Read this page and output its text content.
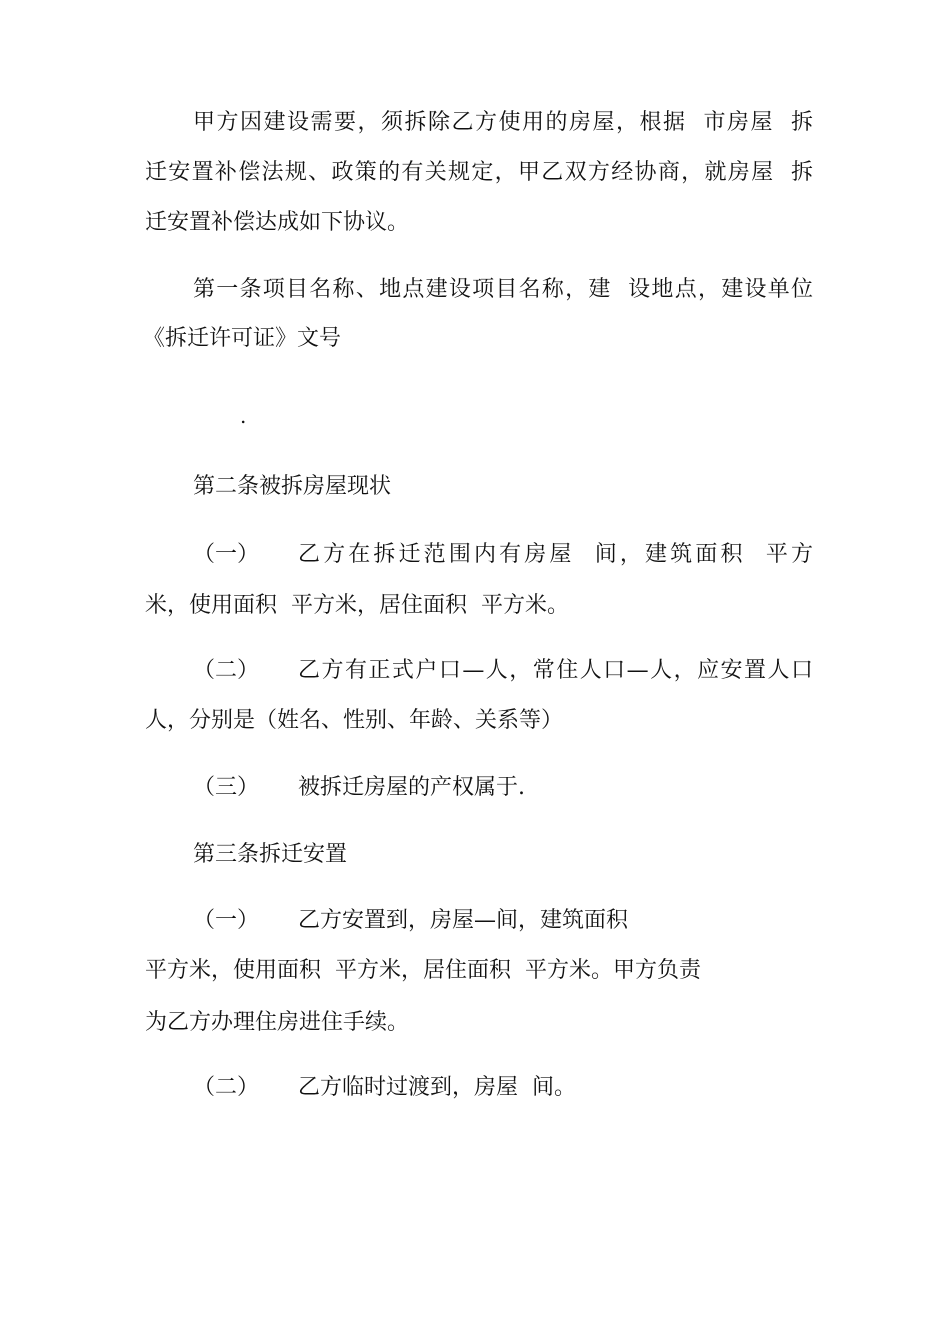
甲方因建设需要，须拆除乙方使用的房屋，根据  市房屋  拆
迁安置补偿法规、政策的有关规定，甲乙双方经协商，就房屋  拆
迁安置补偿达成如下协议。
第一条项目名称、地点建设项目名称，建  设地点，建设单位
《拆迁许可证》文号
.
第二条被拆房屋现状
（一） 乙方在拆迁范围内有房屋  间，建筑面积  平方
米，使用面积  平方米，居住面积  平方米。
（二） 乙方有正式户口—人，常住人口—人，应安置人口
人，分别是（姓名、性别、年龄、关系等）
（三） 被拆迁房屋的产权属于.
第三条拆迁安置
（一） 乙方安置到，房屋—间，建筑面积
平方米，使用面积  平方米，居住面积  平方米。甲方负责
为乙方办理住房进住手续。
（二） 乙方临时过渡到，房屋  间。
